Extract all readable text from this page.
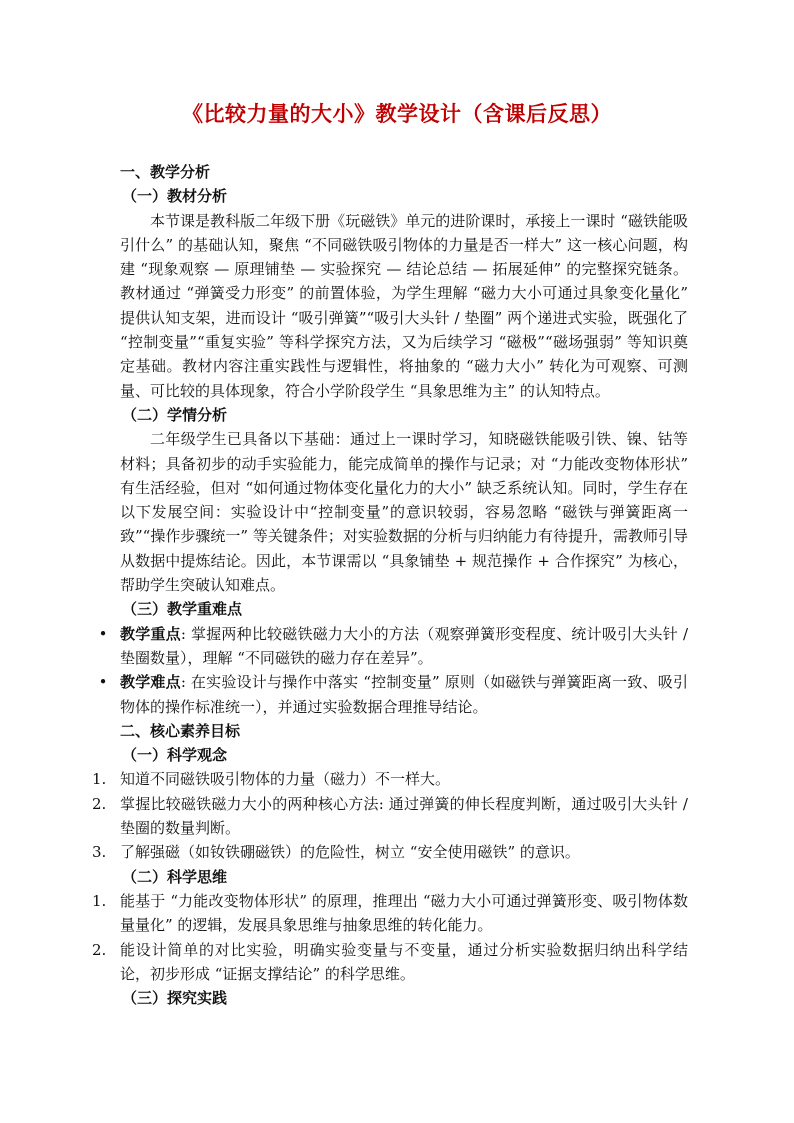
《比较力量的大小》教学设计（含课后反思）
一、教学分析
（一）教材分析
本节课是教科版二年级下册《玩磁铁》单元的进阶课时，承接上一课时 “磁铁能吸引什么” 的基础认知，聚焦 “不同磁铁吸引物体的力量是否一样大” 这一核心问题，构建 “现象观察 — 原理铺垫 — 实验探究 — 结论总结 — 拓展延伸” 的完整探究链条。教材通过 “弹簧受力形变” 的前置体验，为学生理解 “磁力大小可通过具象变化量化” 提供认知支架，进而设计 “吸引弹簧”“吸引大头针 / 垫圈” 两个递进式实验，既强化了 “控制变量”“重复实验” 等科学探究方法，又为后续学习 “磁极”“磁场强弱” 等知识奠定基础。教材内容注重实践性与逻辑性，将抽象的 “磁力大小” 转化为可观察、可测量、可比较的具体现象，符合小学阶段学生 “具象思维为主” 的认知特点。
（二）学情分析
二年级学生已具备以下基础：通过上一课时学习，知晓磁铁能吸引铁、镍、钴等材料；具备初步的动手实验能力，能完成简单的操作与记录；对 “力能改变物体形状” 有生活经验，但对 “如何通过物体变化量化力的大小” 缺乏系统认知。同时，学生存在以下发展空间：实验设计中“控制变量”的意识较弱，容易忽略 “磁铁与弹簧距离一致”“操作步骤统一” 等关键条件；对实验数据的分析与归纳能力有待提升，需教师引导从数据中提炼结论。因此，本节课需以 “具象铺垫 + 规范操作 + 合作探究” 为核心，帮助学生突破认知难点。
（三）教学重难点
• 教学重点: 掌握两种比较磁铁磁力大小的方法（观察弹簧形变程度、统计吸引大头针 / 垫圈数量），理解 “不同磁铁的磁力存在差异”。
• 教学难点: 在实验设计与操作中落实 “控制变量” 原则（如磁铁与弹簧距离一致、吸引物体的操作标准统一），并通过实验数据合理推导结论。
二、核心素养目标
（一）科学观念
1. 知道不同磁铁吸引物体的力量（磁力）不一样大。
2. 掌握比较磁铁磁力大小的两种核心方法: 通过弹簧的伸长程度判断，通过吸引大头针 / 垫圈的数量判断。
3. 了解强磁（如钕铁硼磁铁）的危险性，树立 “安全使用磁铁” 的意识。
（二）科学思维
1. 能基于 “力能改变物体形状” 的原理，推理出 “磁力大小可通过弹簧形变、吸引物体数量量化” 的逻辑，发展具象思维与抽象思维的转化能力。
2. 能设计简单的对比实验，明确实验变量与不变量，通过分析实验数据归纳出科学结论，初步形成 “证据支撑结论” 的科学思维。
（三）探究实践
